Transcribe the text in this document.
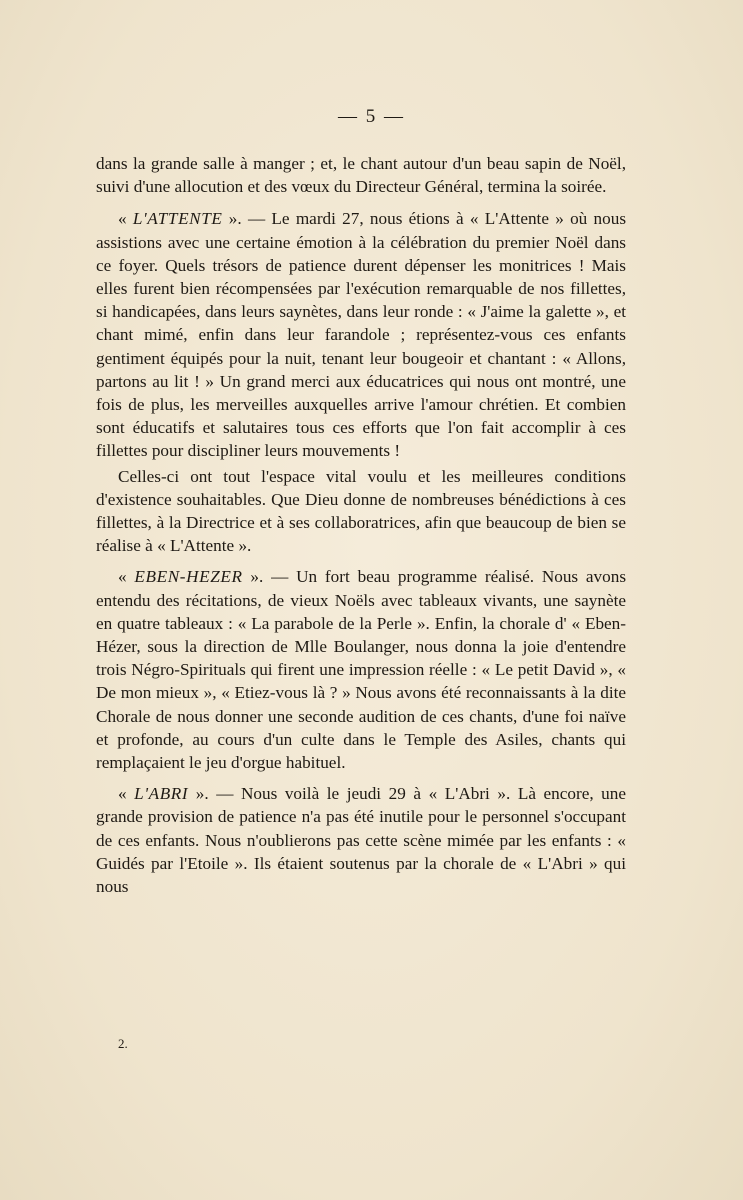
— 5 —

dans la grande salle à manger ; et, le chant autour d'un beau sapin de Noël, suivi d'une allocution et des vœux du Directeur Général, termina la soirée.

« L'ATTENTE ». — Le mardi 27, nous étions à « L'Attente » où nous assistions avec une certaine émotion à la célébration du premier Noël dans ce foyer. Quels trésors de patience durent dépenser les monitrices ! Mais elles furent bien récompensées par l'exécution remarquable de nos fillettes, si handicapées, dans leurs saynètes, dans leur ronde : « J'aime la galette », et chant mimé, enfin dans leur farandole ; représentez-vous ces enfants gentiment équipés pour la nuit, tenant leur bougeoir et chantant : « Allons, partons au lit ! » Un grand merci aux éducatrices qui nous ont montré, une fois de plus, les merveilles auxquelles arrive l'amour chrétien. Et combien sont éducatifs et salutaires tous ces efforts que l'on fait accomplir à ces fillettes pour discipliner leurs mouvements !

Celles-ci ont tout l'espace vital voulu et les meilleures conditions d'existence souhaitables. Que Dieu donne de nombreuses bénédictions à ces fillettes, à la Directrice et à ses collaboratrices, afin que beaucoup de bien se réalise à « L'Attente ».

« EBEN-HEZER ». — Un fort beau programme réalisé. Nous avons entendu des récitations, de vieux Noëls avec tableaux vivants, une saynète en quatre tableaux : « La parabole de la Perle ». Enfin, la chorale d' « Eben-Hézer, sous la direction de Mlle Boulanger, nous donna la joie d'entendre trois Négro-Spirituals qui firent une impression réelle : « Le petit David », « De mon mieux », « Etiez-vous là ? » Nous avons été reconnaissants à la dite Chorale de nous donner une seconde audition de ces chants, d'une foi naïve et profonde, au cours d'un culte dans le Temple des Asiles, chants qui remplaçaient le jeu d'orgue habituel.

« L'ABRI ». — Nous voilà le jeudi 29 à « L'Abri ». Là encore, une grande provision de patience n'a pas été inutile pour le personnel s'occupant de ces enfants. Nous n'oublierons pas cette scène mimée par les enfants : « Guidés par l'Etoile ». Ils étaient soutenus par la chorale de « L'Abri » qui nous

2.
